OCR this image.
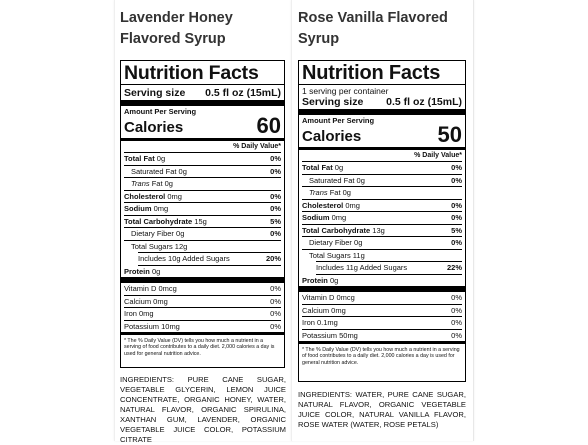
Lavender Honey
Flavored Syrup
Nutrition Facts
Serving size 0.5 fl oz (15mL)
Amount Per Serving
Calories	60
% Daily Value*
Total Fat 0g	0%
Saturated Fat 0g	0%
Trans Fat 0g
Cholesterol 0mg	0%
Sodium 0mg	0%
Total Carbohydrate 15g	5%
Dietary Fiber 0g	0%
Total Sugars 12g
Includes 10g Added Sugars	20%
Protein 0g
Vitamin D 0mcg	0%
Calcium 0mg	0%
Iron 0mg	0%
Potassium 10mg	0%
* The % Daily Value (DV) tells you how much a nutrient in a serving of food contributes to a daily diet. 2,000 calories a day is used for general nutrition advice.
INGREDIENTS: PURE CANE SUGAR, VEGETABLE GLYCERIN, LEMON JUICE CONCENTRATE, ORGANIC HONEY, WATER, NATURAL FLAVOR, ORGANIC SPIRULINA, XANTHAN GUM, LAVENDER, ORGANIC VEGETABLE JUICE COLOR, POTASSIUM CITRATE
Rose Vanilla Flavored
Syrup
Nutrition Facts
1 serving per container
Serving size 0.5 fl oz (15mL)
Amount Per Serving
Calories	50
% Daily Value*
Total Fat 0g	0%
Saturated Fat 0g	0%
Trans Fat 0g
Cholesterol 0mg	0%
Sodium 0mg	0%
Total Carbohydrate 13g	5%
Dietary Fiber 0g	0%
Total Sugars 11g
Includes 11g Added Sugars	22%
Protein 0g
Vitamin D 0mcg	0%
Calcium 0mg	0%
Iron 0.1mg	0%
Potassium 50mg	0%
* The % Daily Value (DV) tells you how much a nutrient in a serving of food contributes to a daily diet. 2,000 calories a day is used for general nutrition advice.
INGREDIENTS: WATER, PURE CANE SUGAR, NATURAL FLAVOR, ORGANIC VEGETABLE JUICE COLOR, NATURAL VANILLA FLAVOR, ROSE WATER (WATER, ROSE PETALS)
